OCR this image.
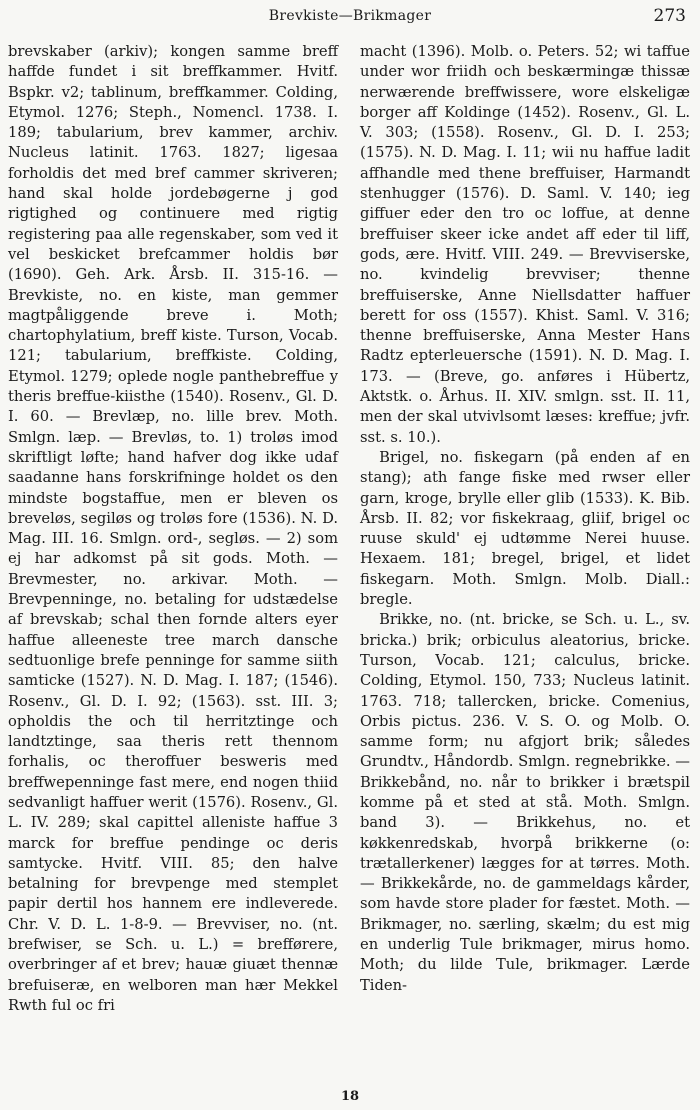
Brevkiste—Brikmager	273

brevskaber (arkiv); kongen samme breff haffde fundet i sit breffkammer. Hvitf. Bspkr. v2; tablinum, breffkammer. Colding, Etymol. 1276; Steph., Nomencl. 1738. I. 189; tabularium, brev kammer, archiv. Nucleus latinit. 1763. 1827; ligesaa forholdis det med bref cammer skriveren; hand skal holde jordebøgerne j god rigtighed og continuere med rigtig registering paa alle regenskaber, som ved it vel beskicket brefcammer holdis bør (1690). Geh. Ark. Årsb. II. 315-16. — Brevkiste, no. en kiste, man gemmer magtpåliggende breve i. Moth; chartophylatium, breff kiste. Turson, Vocab. 121; tabularium, breffkiste. Colding, Etymol. 1279; oplede nogle panthebreffue y theris breffue-kiisthe (1540). Rosenv., Gl. D. I. 60. — Brevlæp, no. lille brev. Moth. Smlgn. læp. — Brevløs, to. 1) troløs imod skriftligt løfte; hand hafver dog ikke udaf saadanne hans forskrifninge holdet os den mindste bogstaffue, men er bleven os breveløs, segiløs og troløs fore (1536). N. D. Mag. III. 16. Smlgn. ord-, segløs. — 2) som ej har adkomst på sit gods. Moth. — Brevmester, no. arkivar. Moth. — Brevpenninge, no. betaling for udstædelse af brevskab; schal then fornde alters eyer haffue alleeneste tree march dansche sedtuonlige brefe penninge for samme siith samticke (1527). N. D. Mag. I. 187; (1546). Rosenv., Gl. D. I. 92; (1563). sst. III. 3; opholdis the och til herritztinge och landtztinge, saa theris rett thennom forhalis, oc theroffuer besweris med breffwepenninge fast mere, end nogen thiid sedvanligt haffuer werit (1576). Rosenv., Gl. L. IV. 289; skal capittel alleniste haffue 3 marck for breffue pendinge oc deris samtycke. Hvitf. VIII. 85; den halve betalning for brevpenge med stemplet papir dertil hos hannem ere indleverede. Chr. V. D. L. 1-8-9. — Brevviser, no. (nt. brefwiser, se Sch. u. L.) = brefførere, overbringer af et brev; hauæ giuæt thennæ brefuiseræ, en welboren man hær Mekkel Rwth ful oc fri

macht (1396). Molb. o. Peters. 52; wi taffue under wor friidh och beskærmingæ thissæ nerwærende breffwissere, wore elskeligæ borger aff Koldinge (1452). Rosenv., Gl. L. V. 303; (1558). Rosenv., Gl. D. I. 253; (1575). N. D. Mag. I. 11; wii nu haffue ladit affhandle med thene breffuiser, Harmandt stenhugger (1576). D. Saml. V. 140; ieg giffuer eder den tro oc loffue, at denne breffuiser skeer icke andet aff eder til liff, gods, ære. Hvitf. VIII. 249. — Brevviserske, no. kvindelig brevviser; thenne breffuiserske, Anne Niellsdatter haffuer berett for oss (1557). Khist. Saml. V. 316; thenne breffuiserske, Anna Mester Hans Radtz epterleuersche (1591). N. D. Mag. I. 173. — (Breve, go. anføres i Hübertz, Aktstk. o. Århus. II. XIV. smlgn. sst. II. 11, men der skal utvivlsomt læses: kreffue; jvfr. sst. s. 10.).

Brigel, no. fiskegarn (på enden af en stang); ath fange fiske med rwser eller garn, kroge, brylle eller glib (1533). K. Bib. Årsb. II. 82; vor fiskekraag, gliif, brigel oc ruuse skuld' ej udtømme Nerei huuse. Hexaem. 181; bregel, brigel, et lidet fiskegarn. Moth. Smlgn. Molb. Diall.: bregle.

Brikke, no. (nt. bricke, se Sch. u. L., sv. bricka.) brik; orbiculus aleatorius, bricke. Turson, Vocab. 121; calculus, bricke. Colding, Etymol. 150, 733; Nucleus latinit. 1763. 718; tallercken, bricke. Comenius, Orbis pictus. 236. V. S. O. og Molb. O. samme form; nu afgjort brik; således Grundtv., Håndordb. Smlgn. regnebrikke. — Brikkebånd, no. når to brikker i brætspil komme på et sted at stå. Moth. Smlgn. band 3). — Brikkehus, no. et køkkenredskab, hvorpå brikkerne (o: trætallerkener) lægges for at tørres. Moth. — Brikkekårde, no. de gammeldags kårder, som havde store plader for fæstet. Moth. — Brikmager, no. særling, skælm; du est mig en underlig Tule brikmager, mirus homo. Moth; du lilde Tule, brikmager. Lærde Tiden-

18
